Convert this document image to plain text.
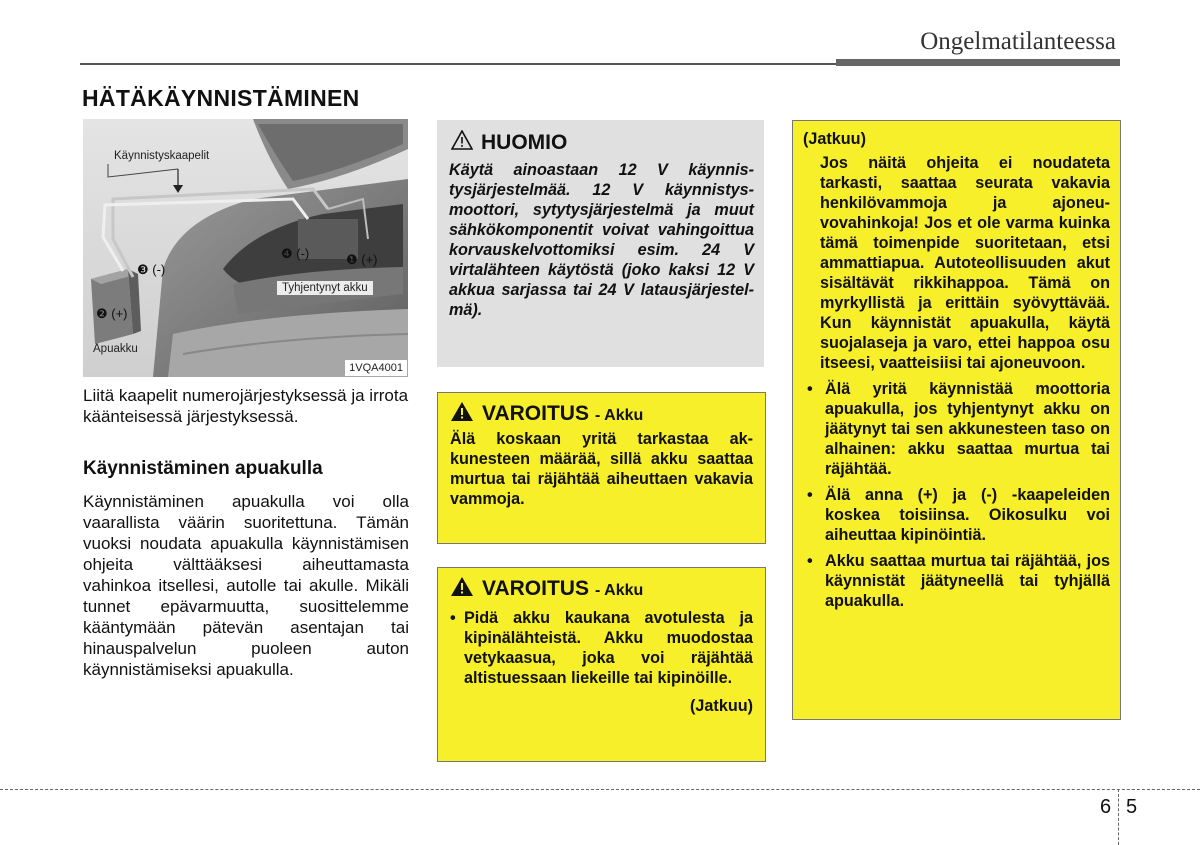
Ongelmatilanteessa
HÄTÄKÄYNNISTÄMINEN
Käynnistyskaapelit
❹ (-)	❶ (+)
❸ (-)
Tyhjentynyt akku
❷ (+)
Apuakku
1VQA4001
Liitä kaapelit numerojärjestyksessä ja irrota käänteisessä järjestyksessä.
Käynnistäminen apuakulla
Käynnistäminen apuakulla voi olla vaarallista väärin suoritettuna. Tämän vuoksi noudata apuakulla käynnistämisen ohjeita välttääksesi aiheuttamasta vahinkoa itsellesi, autolle tai akulle. Mikäli tunnet epävarmuutta, suosittelemme kääntymään pätevän asentajan tai hinauspalvelun puoleen auton käynnistämiseksi apuakulla.
HUOMIO
Käytä ainoastaan 12 V käynnistysjärjestelmää. 12 V käynnistysmoottori, sytytysjärjestelmä ja muut sähkökomponentit voivat vahingoittua korvauskelvottomiksi esim. 24 V virtalähteen käytöstä (joko kaksi 12 V akkua sarjassa tai 24 V latausjärjestelmä).
VAROITUS - Akku
Älä koskaan yritä tarkastaa akkunesteen määrää, sillä akku saattaa murtua tai räjähtää aiheuttaen vakavia vammoja.
VAROITUS - Akku
• Pidä akku kaukana avotulesta ja kipinälähteistä. Akku muodostaa vetykaasua, joka voi räjähtää altistuessaan liekeille tai kipinöille.
(Jatkuu)
(Jatkuu)
Jos näitä ohjeita ei noudateta tarkasti, saattaa seurata vakavia henkilövammoja ja ajoneuvovahinkoja! Jos et ole varma kuinka tämä toimenpide suoritetaan, etsi ammattiapua. Autoteollisuuden akut sisältävät rikkihappoa. Tämä on myrkyllistä ja erittäin syövyttävää. Kun käynnistät apuakulla, käytä suojalaseja ja varo, ettei happoa osu itseesi, vaatteisiisi tai ajoneuvoon.
• Älä yritä käynnistää moottoria apuakulla, jos tyhjentynyt akku on jäätynyt tai sen akkunesteen taso on alhainen: akku saattaa murtua tai räjähtää.
• Älä anna (+) ja (-) -kaapeleiden koskea toisiinsa. Oikosulku voi aiheuttaa kipinöintiä.
• Akku saattaa murtua tai räjähtää, jos käynnistät jäätyneellä tai tyhjällä apuakulla.
6 5
